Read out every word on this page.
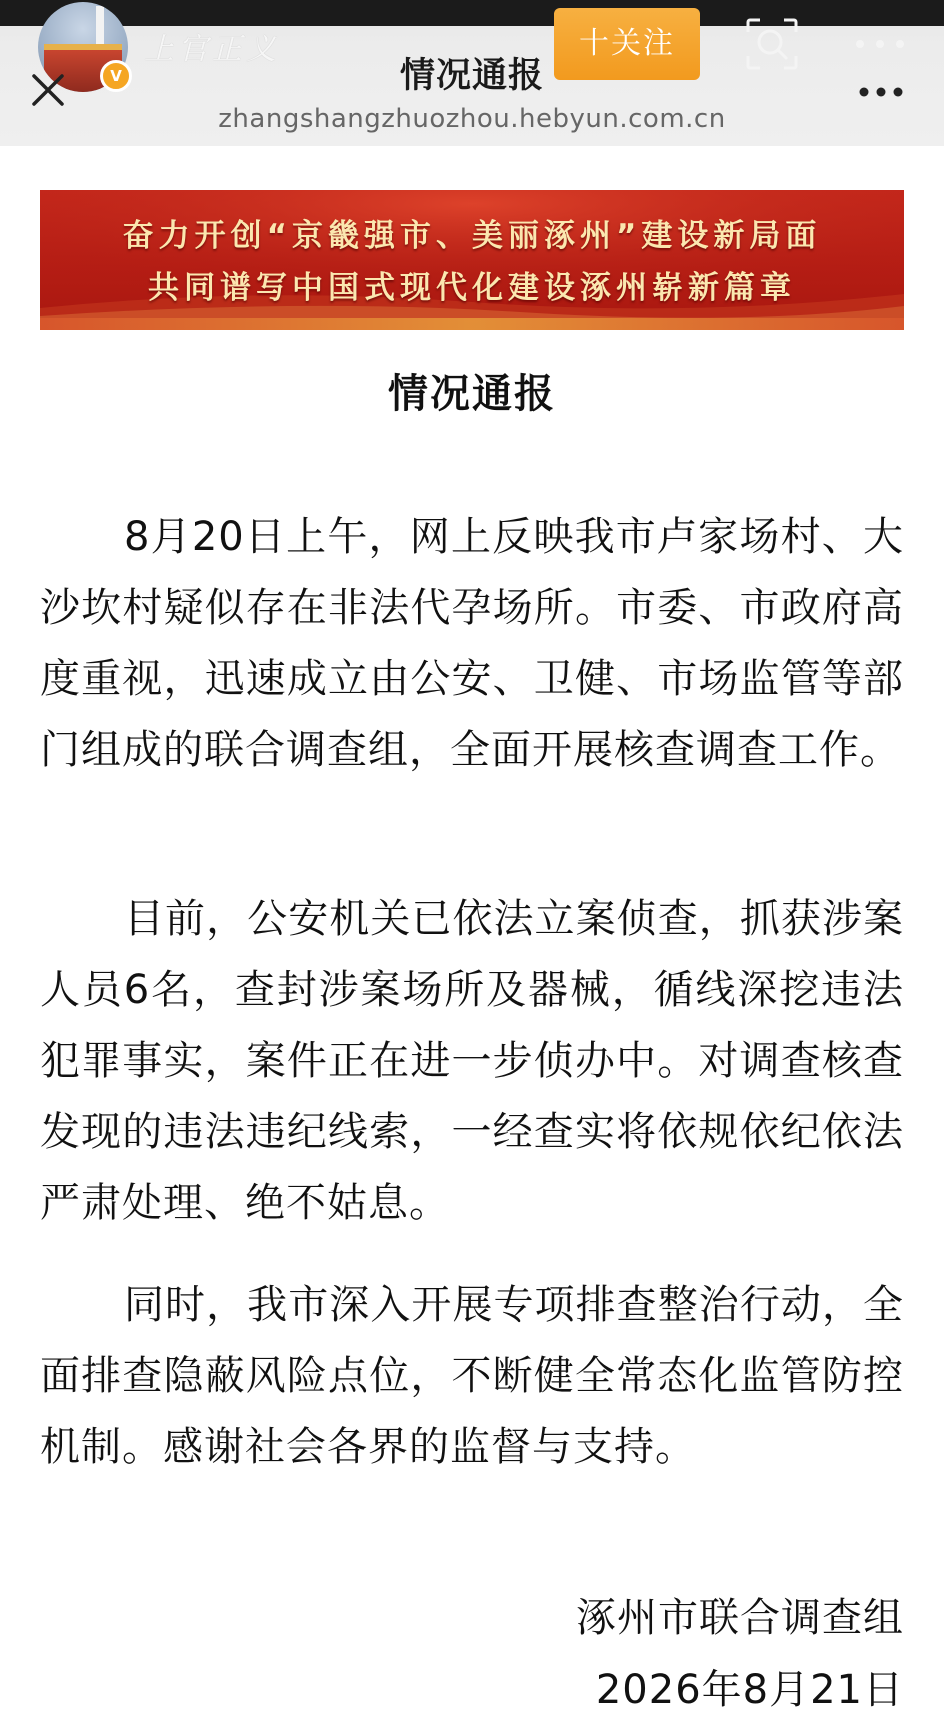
V
上官正义
情况通报
十关注
zhangshangzhuozhou.hebyun.com.cn
奋力开创“京畿强市、美丽涿州”建设新局面
共同谱写中国式现代化建设涿州崭新篇章
情况通报
8月20日上午，网上反映我市卢家场村、大沙坎村疑似存在非法代孕场所。市委、市政府高度重视，迅速成立由公安、卫健、市场监管等部门组成的联合调查组，全面开展核查调查工作。
目前，公安机关已依法立案侦查，抓获涉案人员6名，查封涉案场所及器械，循线深挖违法犯罪事实，案件正在进一步侦办中。对调查核查发现的违法违纪线索，一经查实将依规依纪依法严肃处理、绝不姑息。
同时，我市深入开展专项排查整治行动，全面排查隐蔽风险点位，不断健全常态化监管防控机制。感谢社会各界的监督与支持。
涿州市联合调查组
2026年8月21日
